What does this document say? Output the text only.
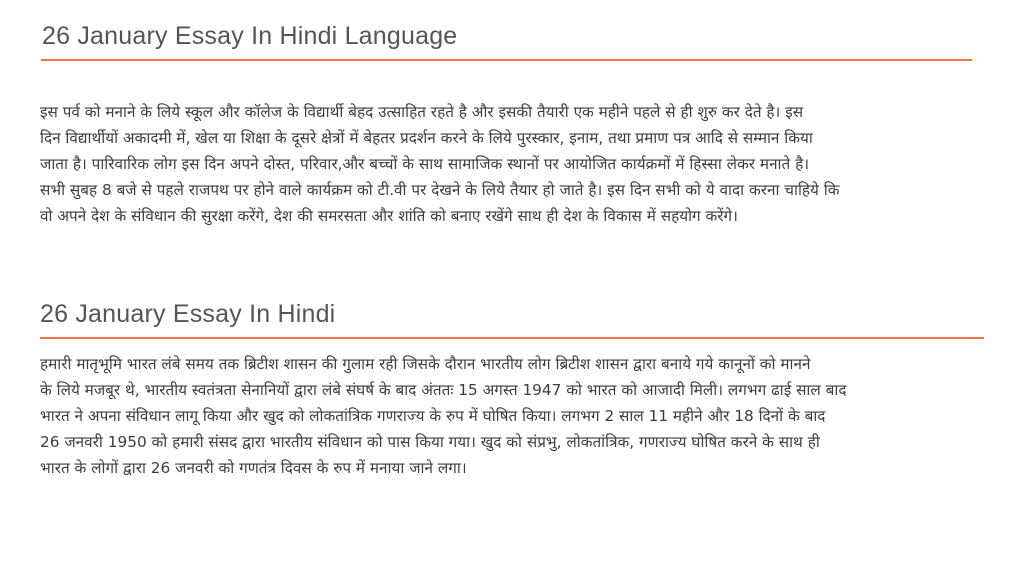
26 January Essay In Hindi Language

इस पर्व को मनाने के लिये स्कूल और कॉलेज के विद्यार्थी बेहद उत्साहित रहते है और इसकी तैयारी एक महीने पहले से ही शुरु कर देते है। इस
दिन विद्यार्थीयों अकादमी में, खेल या शिक्षा के दूसरे क्षेत्रों में बेहतर प्रदर्शन करने के लिये पुरस्कार, इनाम, तथा प्रमाण पत्र आदि से सम्मान किया
जाता है। पारिवारिक लोग इस दिन अपने दोस्त, परिवार,और बच्चों के साथ सामाजिक स्थानों पर आयोजित कार्यक्रमों में हिस्सा लेकर मनाते है।
सभी सुबह 8 बजे से पहले राजपथ पर होने वाले कार्यक्रम को टी.वी पर देखने के लिये तैयार हो जाते है। इस दिन सभी को ये वादा करना चाहिये कि
वो अपने देश के संविधान की सुरक्षा करेंगे, देश की समरसता और शांति को बनाए रखेंगे साथ ही देश के विकास में सहयोग करेंगे।

26 January Essay In Hindi

हमारी मातृभूमि भारत लंबे समय तक ब्रिटीश शासन की गुलाम रही जिसके दौरान भारतीय लोग ब्रिटीश शासन द्वारा बनाये गये कानूनों को मानने
के लिये मजबूर थे, भारतीय स्वतंत्रता सेनानियों द्वारा लंबे संघर्ष के बाद अंततः 15 अगस्त 1947 को भारत को आजादी मिली। लगभग ढाई साल बाद
भारत ने अपना संविधान लागू किया और खुद को लोकतांत्रिक गणराज्य के रुप में घोषित किया। लगभग 2 साल 11 महीने और 18 दिनों के बाद
26 जनवरी 1950 को हमारी संसद द्वारा भारतीय संविधान को पास किया गया। खुद को संप्रभु, लोकतांत्रिक, गणराज्य घोषित करने के साथ ही
भारत के लोगों द्वारा 26 जनवरी को गणतंत्र दिवस के रुप में मनाया जाने लगा।
